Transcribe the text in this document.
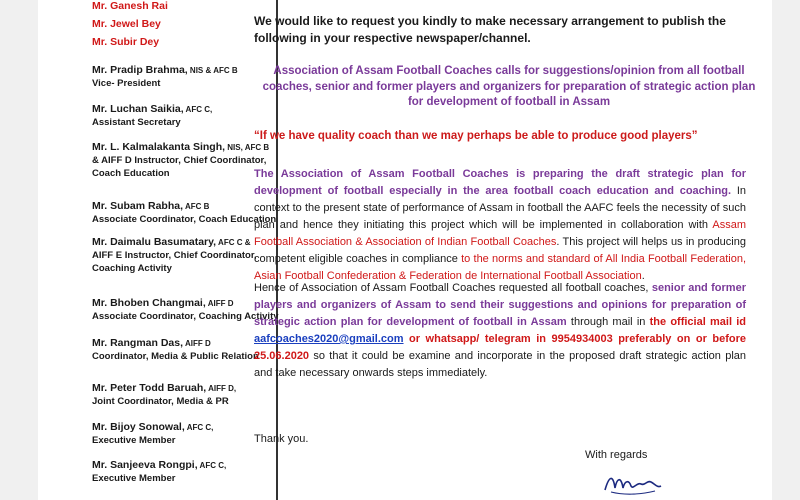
Mr. Ganesh Rai
Mr. Jewel Bey
Mr. Subir Dey
Mr. Pradip Brahma, NIS & AFC B
Vice- President
Mr. Luchan Saikia, AFC C,
Assistant Secretary
Mr. L. Kalmalakanta Singh, NIS, AFC B
& AIFF D Instructor, Chief Coordinator,
Coach Education
Mr. Subam Rabha, AFC B
Associate Coordinator, Coach Education
Mr. Daimalu Basumatary, AFC C &
AIFF E Instructor, Chief Coordinator,
Coaching Activity
Mr. Bhoben Changmai, AIFF D
Associate Coordinator, Coaching Activity
Mr. Rangman Das, AIFF D
Coordinator, Media & Public Relation
Mr. Peter Todd Baruah, AIFF D,
Joint Coordinator, Media & PR
Mr. Bijoy Sonowal, AFC C,
Executive Member
Mr. Sanjeeva Rongpi, AFC C,
Executive Member
We would like to request you kindly to make necessary arrangement to publish the following in your respective newspaper/channel.
Association of Assam Football Coaches calls for suggestions/opinion from all football coaches, senior and former players and organizers for preparation of strategic action plan for development of football in Assam
“If we have quality coach than we may perhaps be able to produce good players”
The Association of Assam Football Coaches is preparing the draft strategic plan for development of football especially in the area football coach education and coaching. In context to the present state of performance of Assam in football the AAFC feels the necessity of such plan and hence they initiating this project which will be implemented in collaboration with Assam Football Association & Association of Indian Football Coaches. This project will helps us in producing competent eligible coaches in compliance to the norms and standard of All India Football Federation, Asian Football Confederation & Federation de International Football Association.
Hence of Association of Assam Football Coaches requested all football coaches, senior and former players and organizers of Assam to send their suggestions and opinions for preparation of strategic action plan for development of football in Assam through mail in the official mail id aafcoaches2020@gmail.com or whatsapp/ telegram in 9954934003 preferably on or before 25.06.2020 so that it could be examine and incorporate in the proposed draft strategic action plan and take necessary onwards steps immediately.
Thank you.
With regards
